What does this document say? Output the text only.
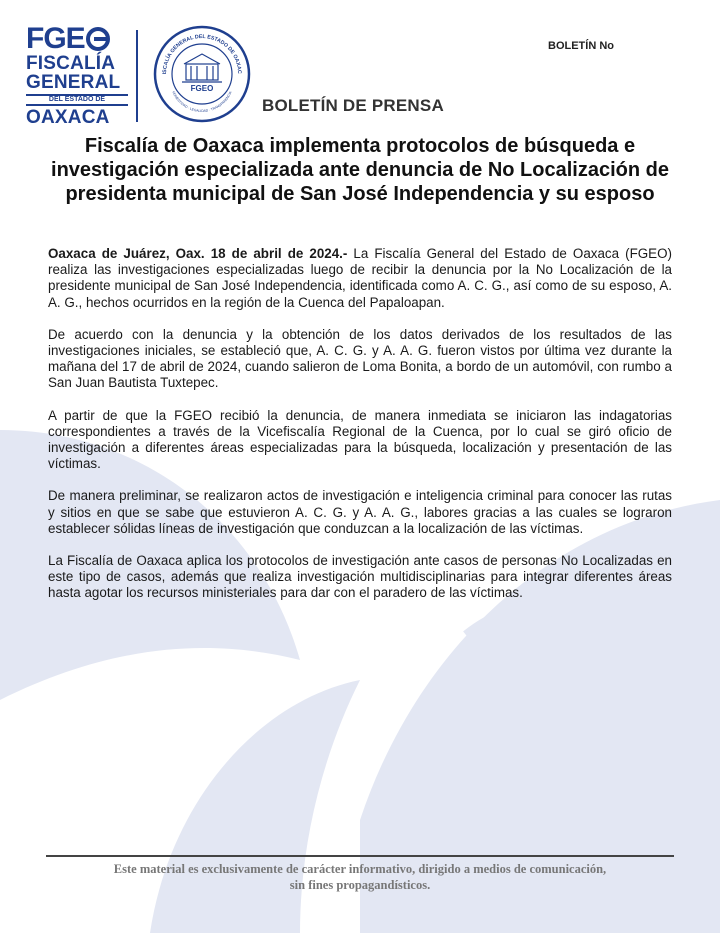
FGE
FISCALÍA
GENERAL
DEL ESTADO DE
OAXACA
ISCALÍA GENERAL DEL ESTADO DE OAXAC
HONESTIDAD · LEGALIDAD · TRANSPARENCIA
FGEO
BOLETÍN No
BOLETÍN DE PRENSA
Fiscalía de Oaxaca implementa protocolos de búsqueda e investigación especializada ante denuncia de No Localización de presidenta municipal de San José Independencia y su esposo

Oaxaca de Juárez, Oax. 18 de abril de 2024.- La Fiscalía General del Estado de Oaxaca (FGEO) realiza las investigaciones especializadas luego de recibir la denuncia por la No Localización de la presidente municipal de San José Independencia, identificada como A. C. G., así como de su esposo, A. A. G., hechos ocurridos en la región de la Cuenca del Papaloapan.

De acuerdo con la denuncia y la obtención de los datos derivados de los resultados de las investigaciones iniciales, se estableció que, A. C. G. y A. A. G. fueron vistos por última vez durante la mañana del 17 de abril de 2024, cuando salieron de Loma Bonita, a bordo de un automóvil, con rumbo a San Juan Bautista Tuxtepec.

A partir de que la FGEO recibió la denuncia, de manera inmediata se iniciaron las indagatorias correspondientes a través de la Vicefiscalía Regional de la Cuenca, por lo cual se giró oficio de investigación a diferentes áreas especializadas para la búsqueda, localización y presentación de las víctimas.

De manera preliminar, se realizaron actos de investigación e inteligencia criminal para conocer las rutas y sitios en que se sabe que estuvieron A. C. G. y A. A. G., labores gracias a las cuales se lograron establecer sólidas líneas de investigación que conduzcan a la localización de las víctimas.

La Fiscalía de Oaxaca aplica los protocolos de investigación ante casos de personas No Localizadas en este tipo de casos, además que realiza investigación multidisciplinarias para integrar diferentes áreas hasta agotar los recursos ministeriales para dar con el paradero de las víctimas.

Este material es exclusivamente de carácter informativo, dirigido a medios de comunicación,
sin fines propagandísticos.
